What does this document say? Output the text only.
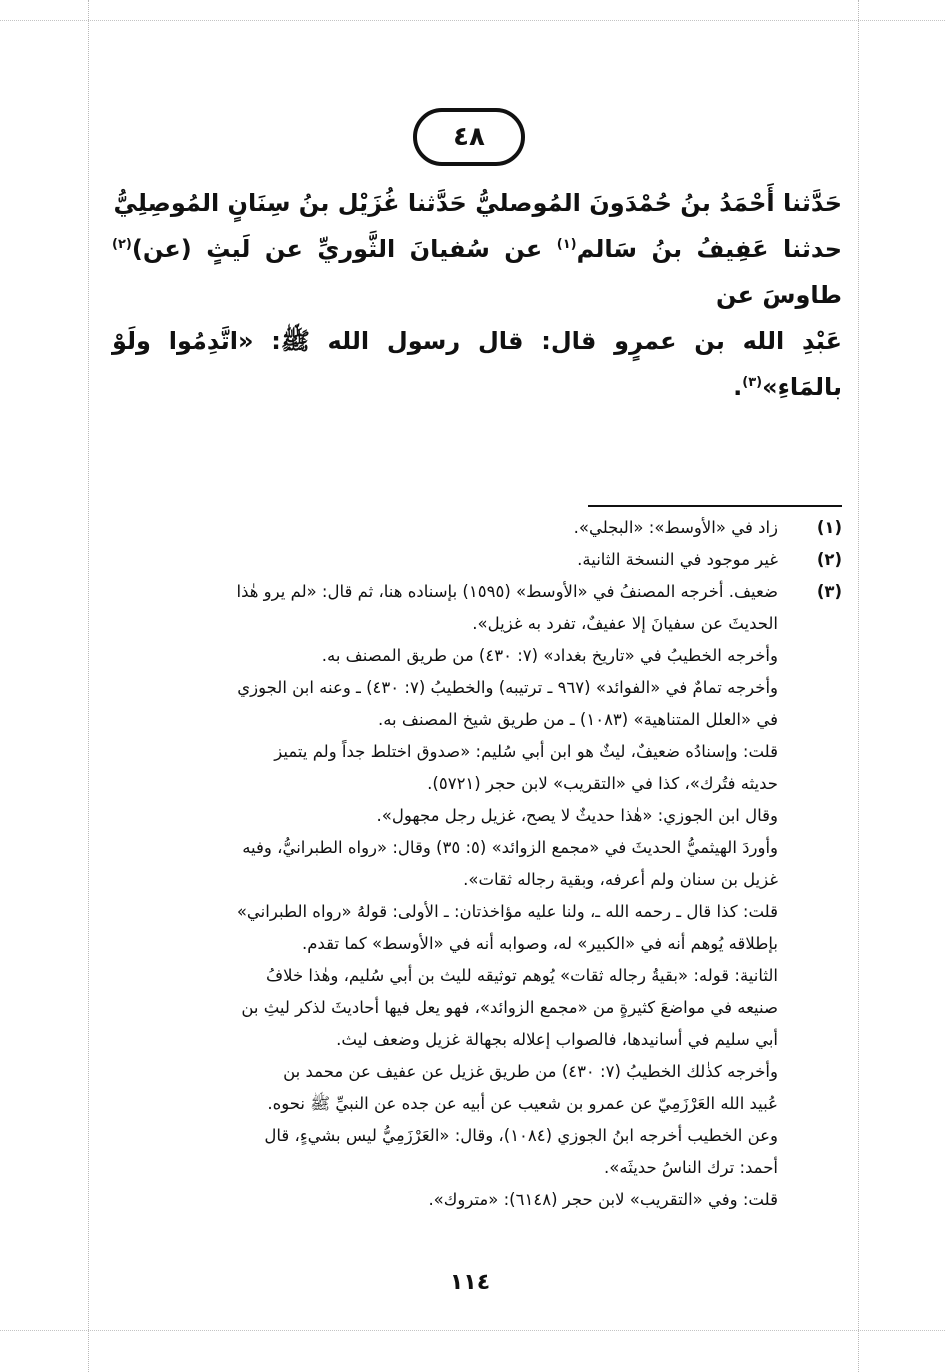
٤٨

حَدَّثنا أَحْمَدُ بنُ حُمْدَونَ المُوصليُّ حَدَّثنا غُزَيْل بنُ سِنَانٍ المُوصِلِيُّ

حدثنا عَفِيفُ بنُ سَالم$^{(١)}$ عن سُفيانَ الثَّوريِّ عن لَيثٍ (عن)$^{(٢)}$ طاوسَ عن

عَبْدِ الله بن عمرٍو قال: قال رسول الله ﷺ: «اتَّدِمُوا ولَوْ بالمَاءِ»$^{(٣)}$.

(١)

زاد في «الأوسط»: «البجلي».

(٢)

غير موجود في النسخة الثانية.

(٣)

ضعيف. أخرجه المصنفُ في «الأوسط» (١٥٩٥) بإسناده هنا، ثم قال: «لم يرو هٰذا

الحديثَ عن سفيانَ إلا عفيفٌ، تفرد به غزيل».

وأخرجه الخطيبُ في «تاريخ بغداد» (٧: ٤٣٠) من طريق المصنف به.

وأخرجه تمامٌ في «الفوائد» (٩٦٧ ـ ترتيبه) والخطيبُ (٧: ٤٣٠) ـ وعنه ابن الجوزي

في «العلل المتناهية» (١٠٨٣) ـ من طريق شيخ المصنف به.

قلت: وإسنادُه ضعيفٌ، ليثٌ هو ابن أبي سُليم: «صدوق اختلط جداً ولم يتميز

حديثه فتُرك»، كذا في «التقريب» لابن حجر (٥٧٢١).

وقال ابن الجوزي: «هٰذا حديثٌ لا يصح، غزيل رجل مجهول».

وأوردَ الهيثميُّ الحديثَ في «مجمع الزوائد» (٥: ٣٥) وقال: «رواه الطبرانيُّ، وفيه

غزيل بن سنان ولم أعرفه، وبقية رجاله ثقات».

قلت: كذا قال ـ رحمه الله ـ، ولنا عليه مؤاخذتان: ـ الأولى: قولهُ «رواه الطبراني»

بإطلاقه يُوهم أنه في «الكبير» له، وصوابه أنه في «الأوسط» كما تقدم.

الثانية: قوله: «بقيةُ رجاله ثقات» يُوهم توثيقه لليث بن أبي سُليم، وهٰذا خلافُ

صنيعه في مواضعَ كثيرةٍ من «مجمع الزوائد»، فهو يعل فيها أحاديثَ لذكر ليثِ بن

أبي سليم في أسانيدها، فالصواب إعلاله بجهالة غزيل وضعف ليث.

وأخرجه كذٰلك الخطيبُ (٧: ٤٣٠) من طريق غزيل عن عفيف عن محمد بن

عُبيد الله العَرْزَمِيّ عن عمرو بن شعيب عن أبيه عن جده عن النبيِّ ﷺ نحوه.

وعن الخطيب أخرجه ابنُ الجوزي (١٠٨٤)، وقال: «العَرْزَمِيُّ ليس بشيءٍ، قال

أحمد: ترك الناسُ حديثَه».

قلت: وفي «التقريب» لابن حجر (٦١٤٨): «متروك».

١١٤
